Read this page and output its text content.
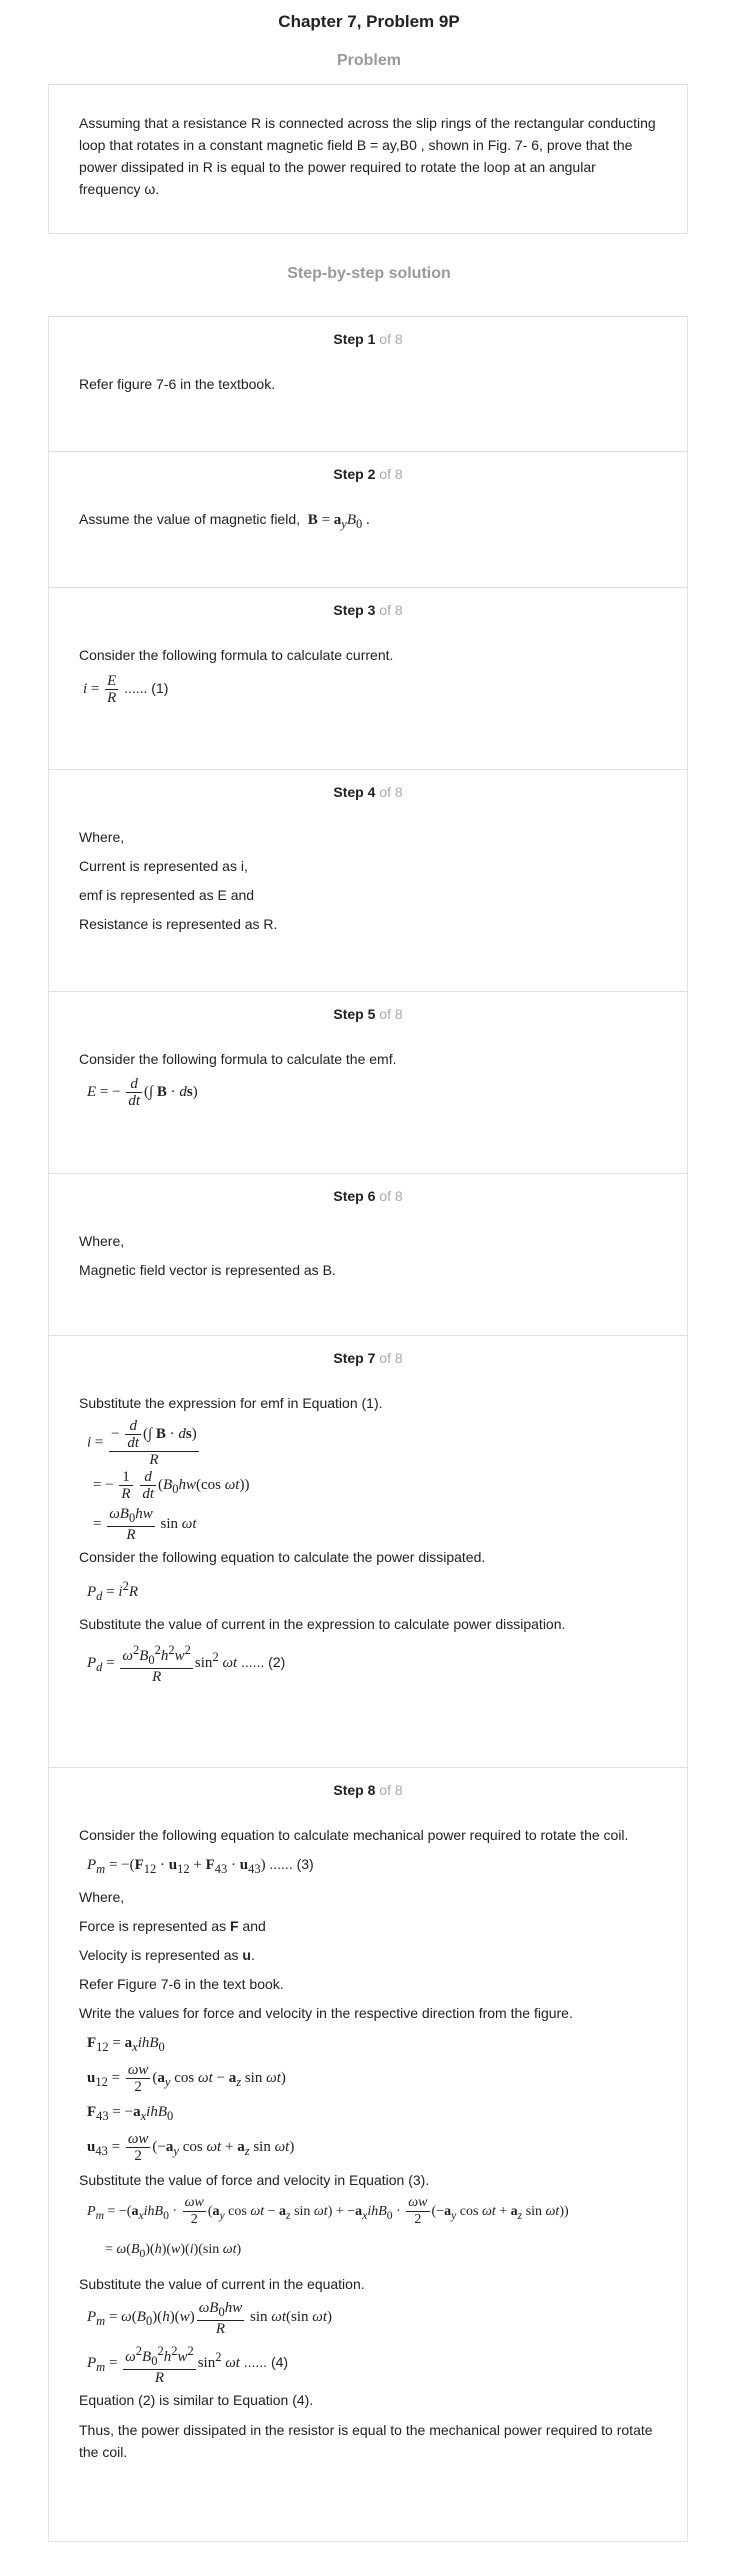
Chapter 7, Problem 9P
Problem
Assuming that a resistance R is connected across the slip rings of the rectangular conducting loop that rotates in a constant magnetic field B = ay,B0 , shown in Fig. 7- 6, prove that the power dissipated in R is equal to the power required to rotate the loop at an angular frequency ω.
Step-by-step solution
Step 1 of 8

Refer figure 7-6 in the textbook.

Step 2 of 8

Assume the value of magnetic field, $B = a_yB_0$ .

Step 3 of 8

Consider the following formula to calculate current.

$i = \frac{E}{R}$ ...... (1)
Step 4 of 8

Where,

Current is represented as i,

emf is represented as E and

Resistance is represented as R.

Step 5 of 8

Consider the following formula to calculate the emf.

E = − $\frac{d}{dt}$ (∫ B · ds)
Step 6 of 8

Where,

Magnetic field vector is represented as B.

Step 7 of 8

Substitute the expression for emf in Equation (1).

$i = \frac{- \frac{d}{dt} (\int B \cdot ds)}{R}$
= − $\frac{1}{R}$
$\frac{d}{dt} (B_0hw(\cos$ ωt))
= $\frac{\omega B_0hw}{R}$ sin ωt

Consider the following equation to calculate the power dissipated.

$P_d = i^2R$

Substitute the value of current in the expression to calculate power dissipation.

$P_d = \frac{\omega^2B_0^2h^2w^2}{R} \sin^2 \omega t$ ...... (2)
Step 8 of 8

Consider the following equation to calculate mechanical power required to rotate the coil.

$P_m = -(F_{12} \cdot u_{12} + F_{43} \cdot u_{43})$ ...... (3)

Where,

Force is represented as F and

Velocity is represented as u.

Refer Figure 7-6 in the text book.

Write the values for force and velocity in the respective direction from the figure.

$F_{12} = a_xihB_0$
$u_{12} = \frac{\omega w}{2} (a_y$ $\cos \omega t - a_z$ sin ωt)
$F_{43} = -a_xihB_0$
$u_{43} = \frac{\omega w}{2} (-a_y$ $\cos \omega t + a_z$ sin ωt)

Substitute the value of force and velocity in Equation (3).

$P_m = -(a_xihB_0 \cdot \frac{\omega w}{2} (a_y$ $\cos \omega t - a_z$ $\sin \omega t) + -a_xihB_0 \cdot \frac{\omega w}{2} (-a_y$ $\cos \omega t + a_z$ sin ωt))
= $\omega(B_0)(h)(w)(i)(\sin$ ωt)

Substitute the value of current in the equation.

$P_m = \omega(B_0)(h)(w) \frac{\omega B_0hw}{R}$ sin ωt(sin ωt)
$P_m = \frac{\omega^2B_0^2h^2w^2}{R} \sin^2 \omega t$ ...... (4)

Equation (2) is similar to Equation (4).

Thus, the power dissipated in the resistor is equal to the mechanical power required to rotate the coil.
